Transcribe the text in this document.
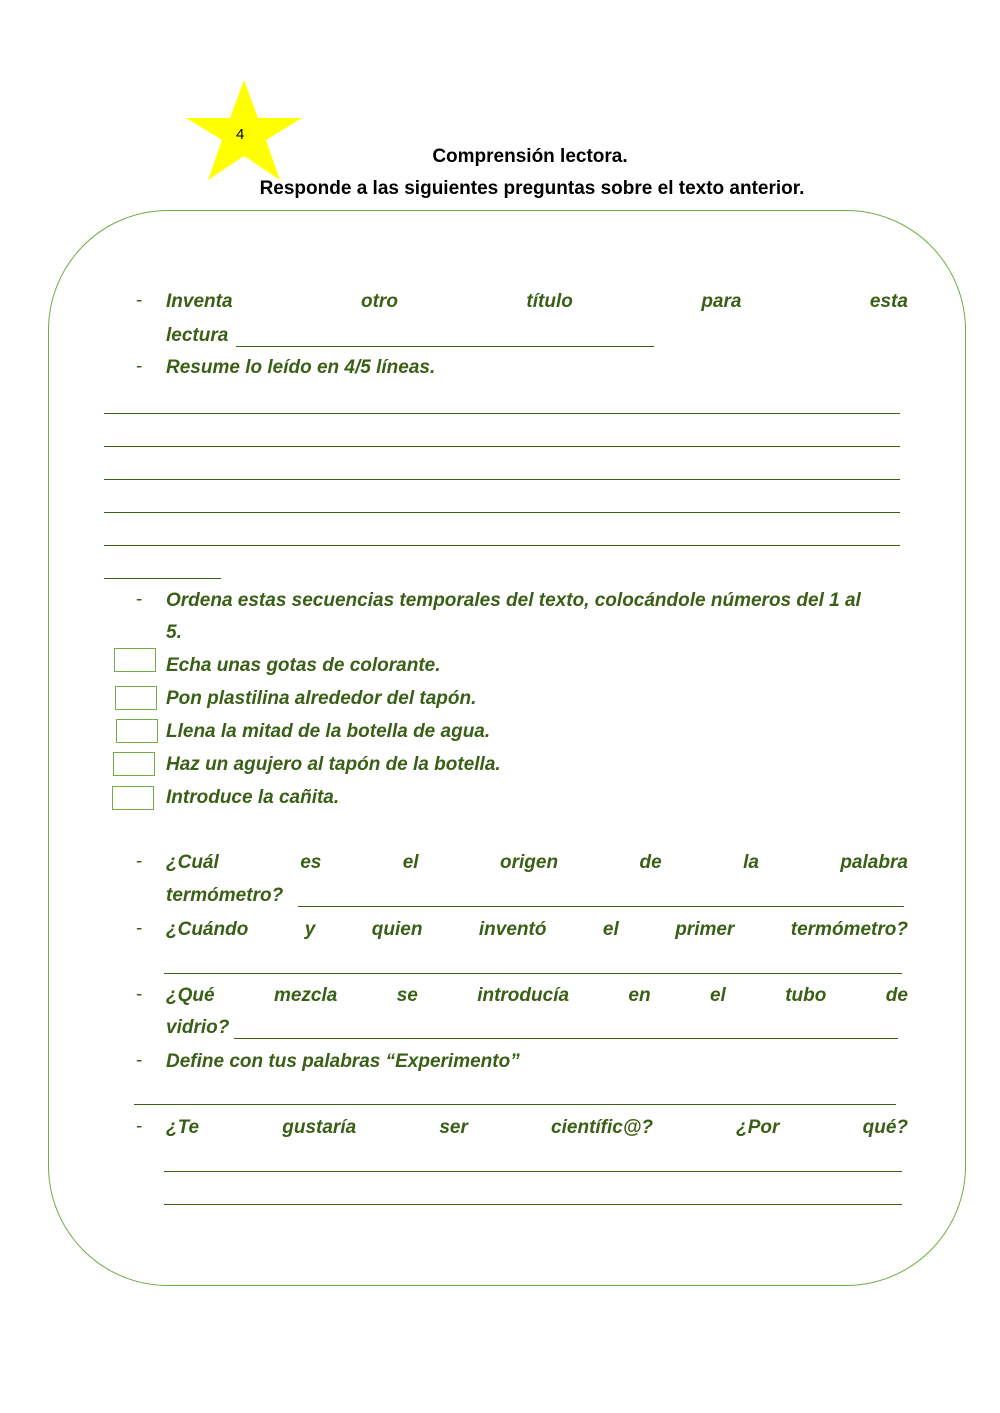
4
Comprensión lectora.
Responde a las siguientes preguntas sobre el texto anterior.
- Inventa	otro	título	para	esta
lectura
- Resume lo leído en 4/5 líneas.
- Ordena estas secuencias temporales del texto, colocándole números del 1 al
5.
Echa unas gotas de colorante.
Pon plastilina alrededor del tapón.
Llena la mitad de la botella de agua.
Haz un agujero al tapón de la botella.
Introduce la cañita.
- ¿Cuál	es	el	origen	de	la	palabra
termómetro?
- ¿Cuándo	y	quien	inventó	el	primer	termómetro?
- ¿Qué	mezcla	se	introducía	en	el	tubo	de
vidrio?
- Define con tus palabras “Experimento”
- ¿Te	gustaría	ser	científic@?	¿Por	qué?
